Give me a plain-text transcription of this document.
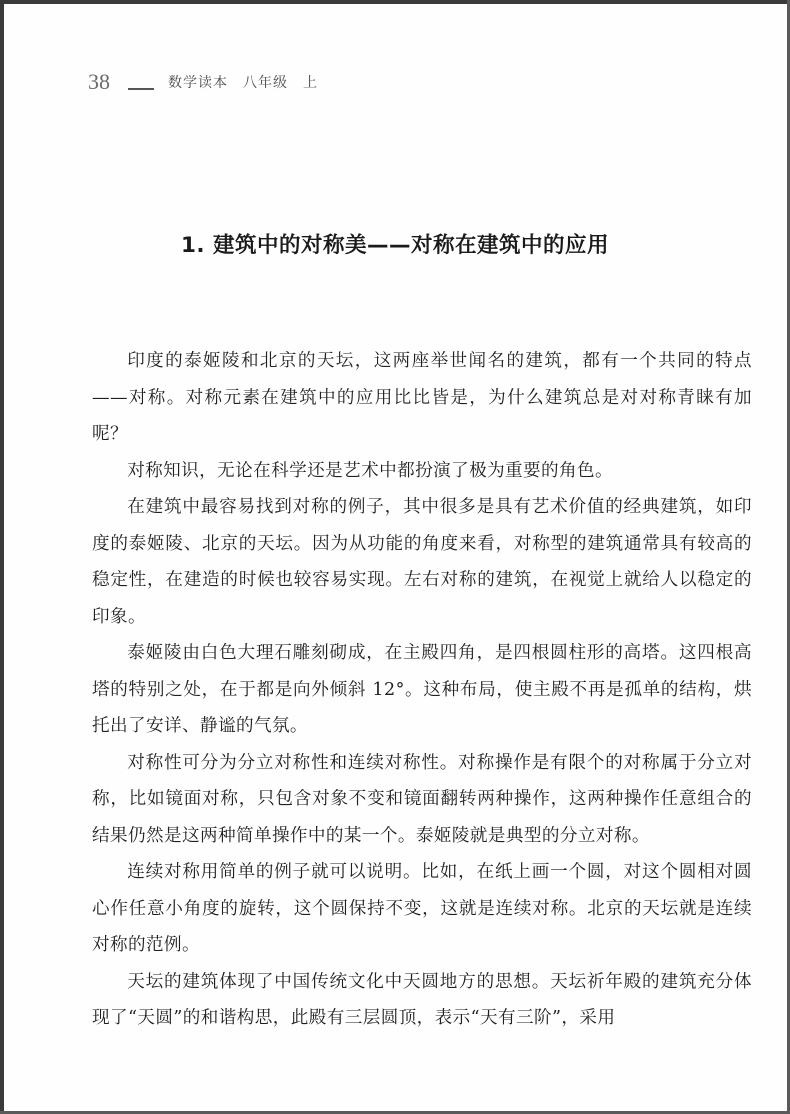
38	数学读本　八年级　上
1. 建筑中的对称美——对称在建筑中的应用

印度的泰姬陵和北京的天坛，这两座举世闻名的建筑，都有一个共同的特点——对称。对称元素在建筑中的应用比比皆是，为什么建筑总是对对称青睐有加呢？

对称知识，无论在科学还是艺术中都扮演了极为重要的角色。

在建筑中最容易找到对称的例子，其中很多是具有艺术价值的经典建筑，如印度的泰姬陵、北京的天坛。因为从功能的角度来看，对称型的建筑通常具有较高的稳定性，在建造的时候也较容易实现。左右对称的建筑，在视觉上就给人以稳定的印象。

泰姬陵由白色大理石雕刻砌成，在主殿四角，是四根圆柱形的高塔。这四根高塔的特别之处，在于都是向外倾斜 12°。这种布局，使主殿不再是孤单的结构，烘托出了安详、静谧的气氛。

对称性可分为分立对称性和连续对称性。对称操作是有限个的对称属于分立对称，比如镜面对称，只包含对象不变和镜面翻转两种操作，这两种操作任意组合的结果仍然是这两种简单操作中的某一个。泰姬陵就是典型的分立对称。

连续对称用简单的例子就可以说明。比如，在纸上画一个圆，对这个圆相对圆心作任意小角度的旋转，这个圆保持不变，这就是连续对称。北京的天坛就是连续对称的范例。

天坛的建筑体现了中国传统文化中天圆地方的思想。天坛祈年殿的建筑充分体现了“天圆”的和谐构思，此殿有三层圆顶，表示“天有三阶”，采用
